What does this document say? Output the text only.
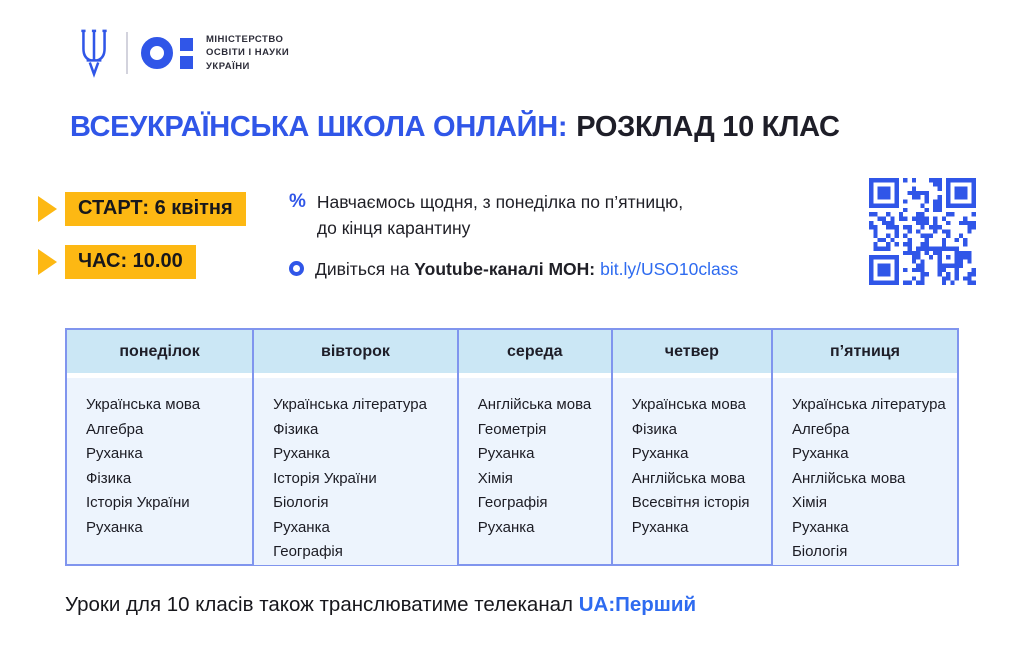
МІНІСТЕРСТВО
ОСВІТИ І НАУКИ
УКРАЇНИ
ВСЕУКРАЇНСЬКА ШКОЛА ОНЛАЙН: РОЗКЛАД 10 КЛАС
СТАРТ: 6 квітня
ЧАС: 10.00
% Навчаємось щодня, з понеділка по п’ятницю,
до кінця карантину
Дивіться на Youtube-каналі МОН: bit.ly/USO10class
понеділок
Українська мова
Алгебра
Руханка
Фізика
Історія України
Руханка
вівторок
Українська література
Фізика
Руханка
Історія України
Біологія
Руханка
Географія
середа
Англійська мова
Геометрія
Руханка
Хімія
Географія
Руханка
четвер
Українська мова
Фізика
Руханка
Англійська мова
Всесвітня історія
Руханка
п’ятниця
Українська література
Алгебра
Руханка
Англійська мова
Хімія
Руханка
Біологія
Уроки для 10 класів також транслюватиме телеканал UA:Перший
